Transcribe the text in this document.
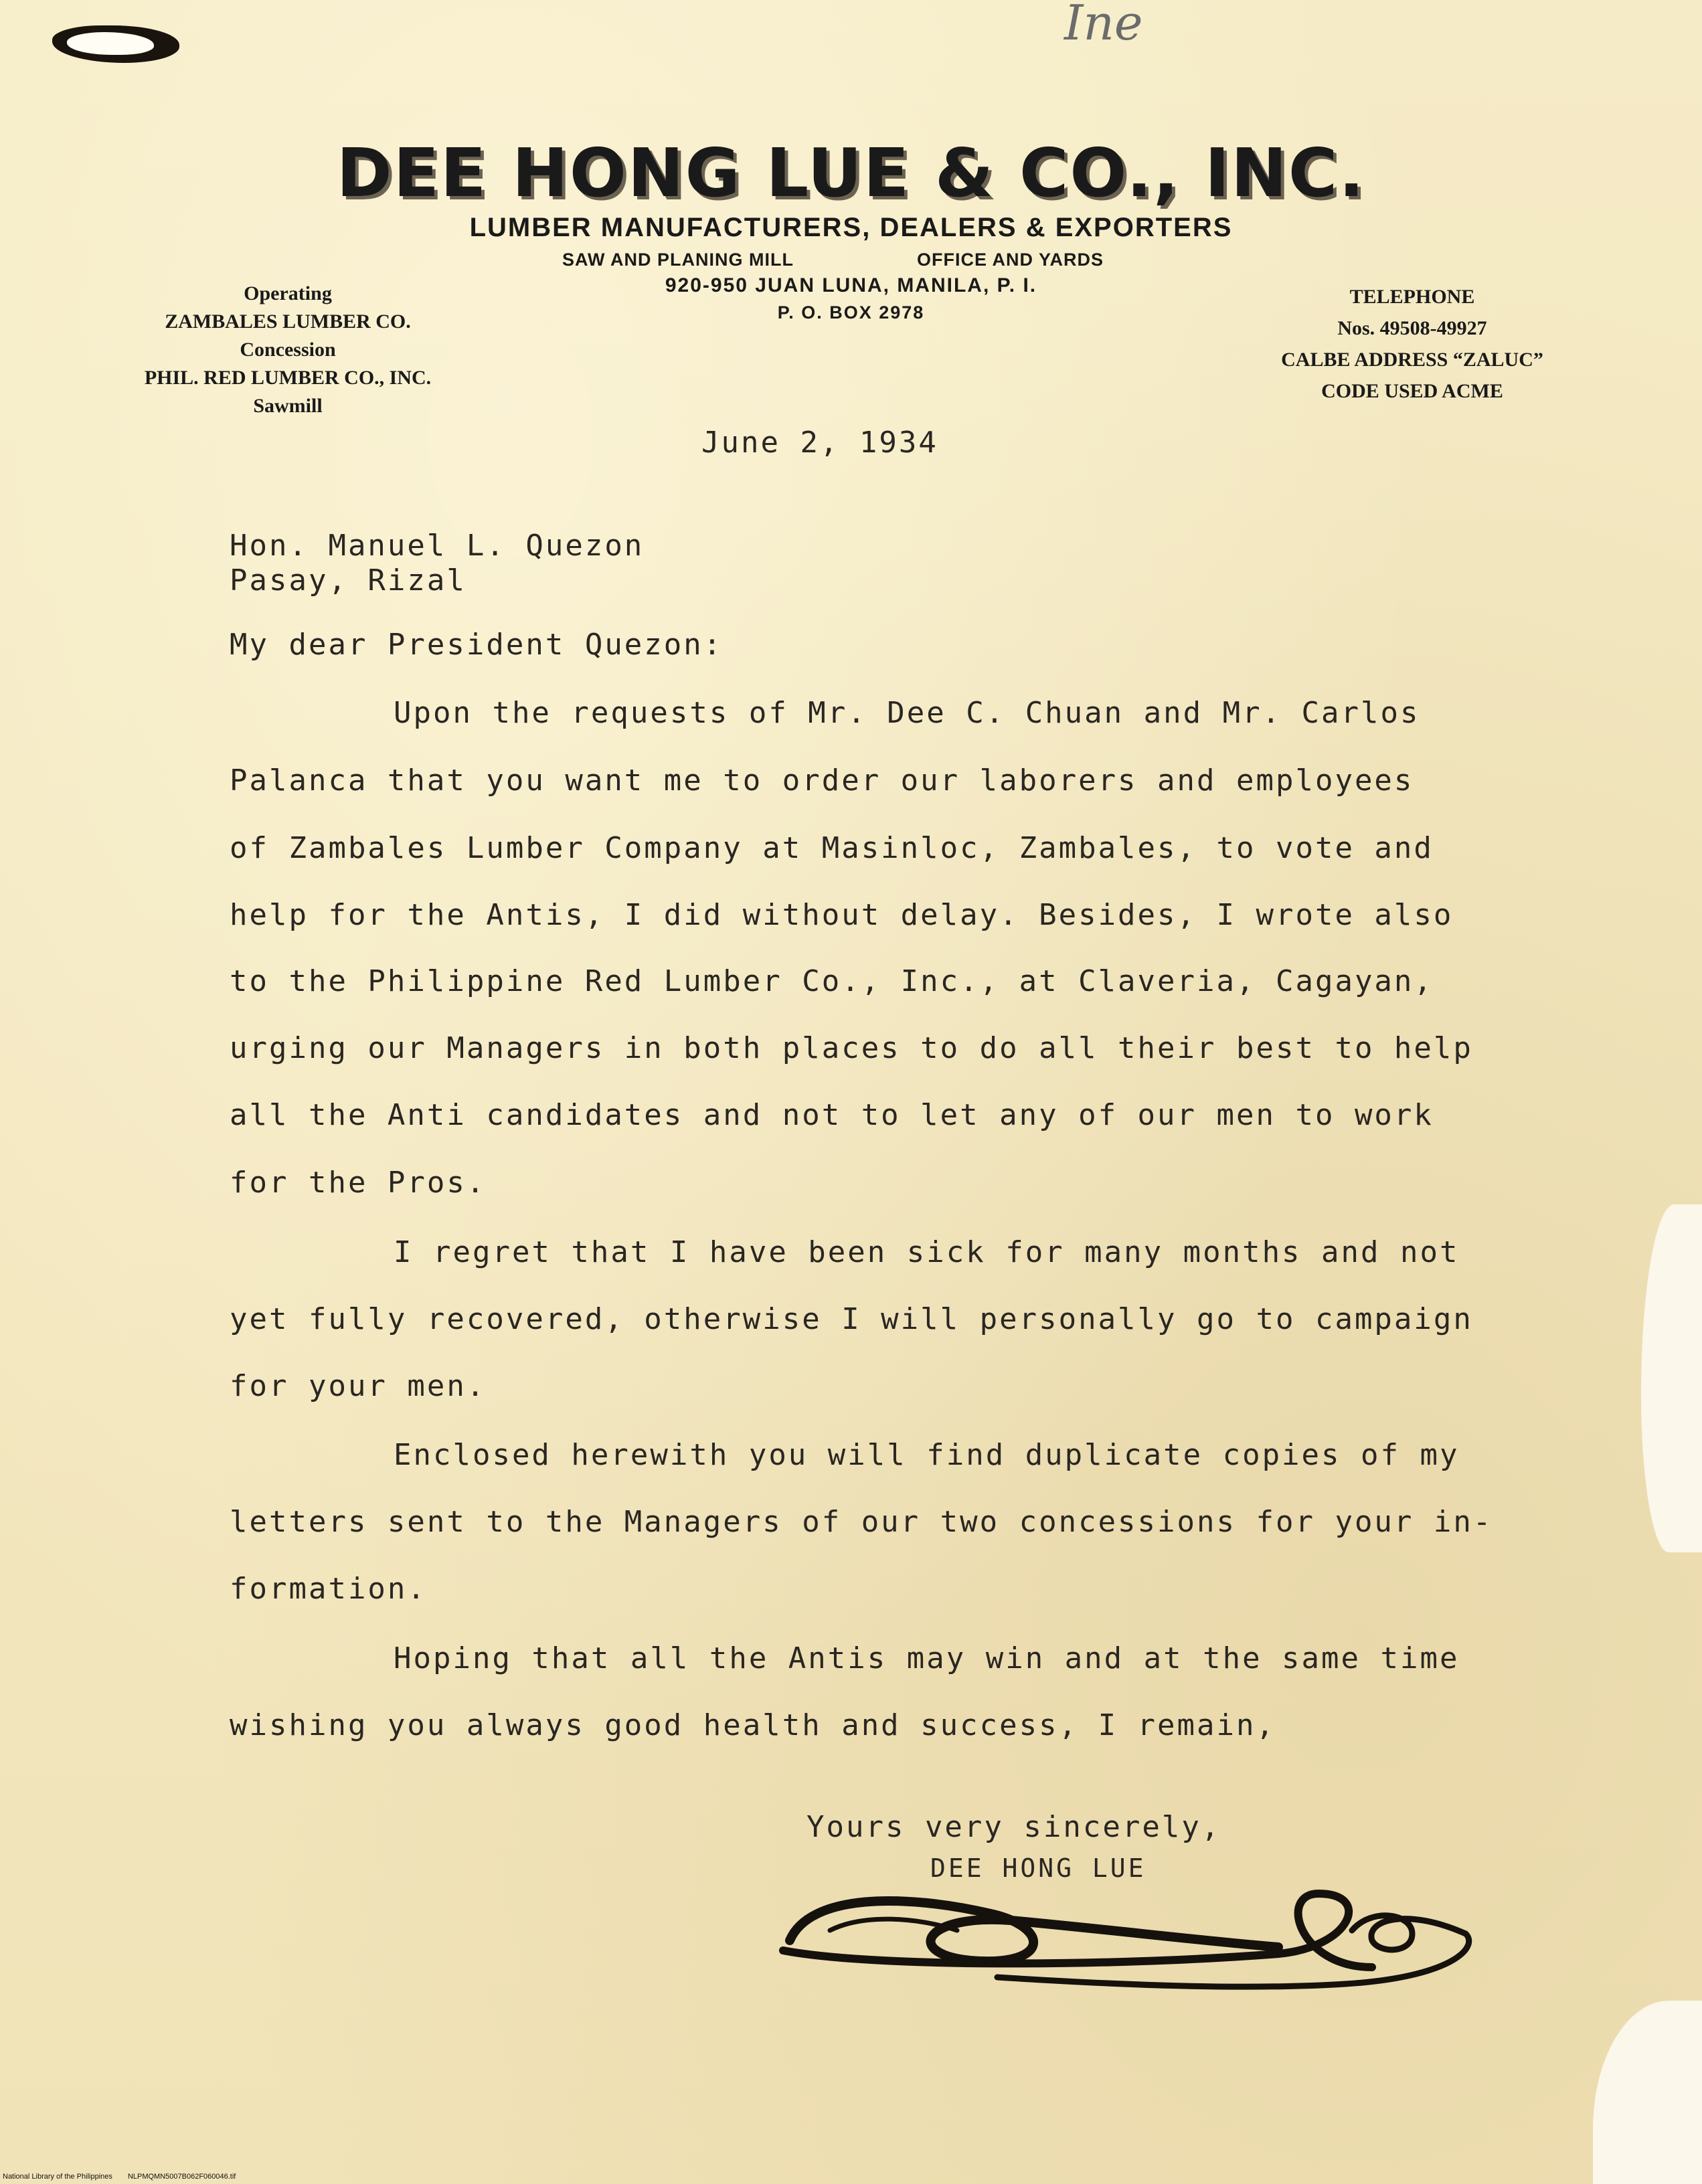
Ine
DEE HONG LUE & CO., INC.
LUMBER MANUFACTURERS, DEALERS & EXPORTERS
SAW AND PLANING MILL	OFFICE AND YARDS
920-950 JUAN LUNA, MANILA, P. I.
P. O. BOX 2978
Operating
ZAMBALES LUMBER CO.
Concession
PHIL. RED LUMBER CO., INC.
Sawmill
TELEPHONE
Nos. 49508-49927
CALBE ADDRESS “ZALUC”
CODE USED ACME
June 2, 1934
Hon. Manuel L. Quezon
Pasay, Rizal
My dear President Quezon:
Upon the requests of Mr. Dee C. Chuan and Mr. Carlos
Palanca that you want me to order our laborers and employees
of Zambales Lumber Company at Masinloc, Zambales, to vote and
help for the Antis, I did without delay. Besides, I wrote also
to the Philippine Red Lumber Co., Inc., at Claveria, Cagayan,
urging our Managers in both places to do all their best to help
all the Anti candidates and not to let any of our men to work
for the Pros.
I regret that I have been sick for many months and not
yet fully recovered, otherwise I will personally go to campaign
for your men.
Enclosed herewith you will find duplicate copies of my
letters sent to the Managers of our two concessions for your in-
formation.
Hoping that all the Antis may win and at the same time
wishing you always good health and success, I remain,
Yours very sincerely,
DEE HONG LUE
National Library of the Philippines NLPMQMN5007B062F060046.tif
